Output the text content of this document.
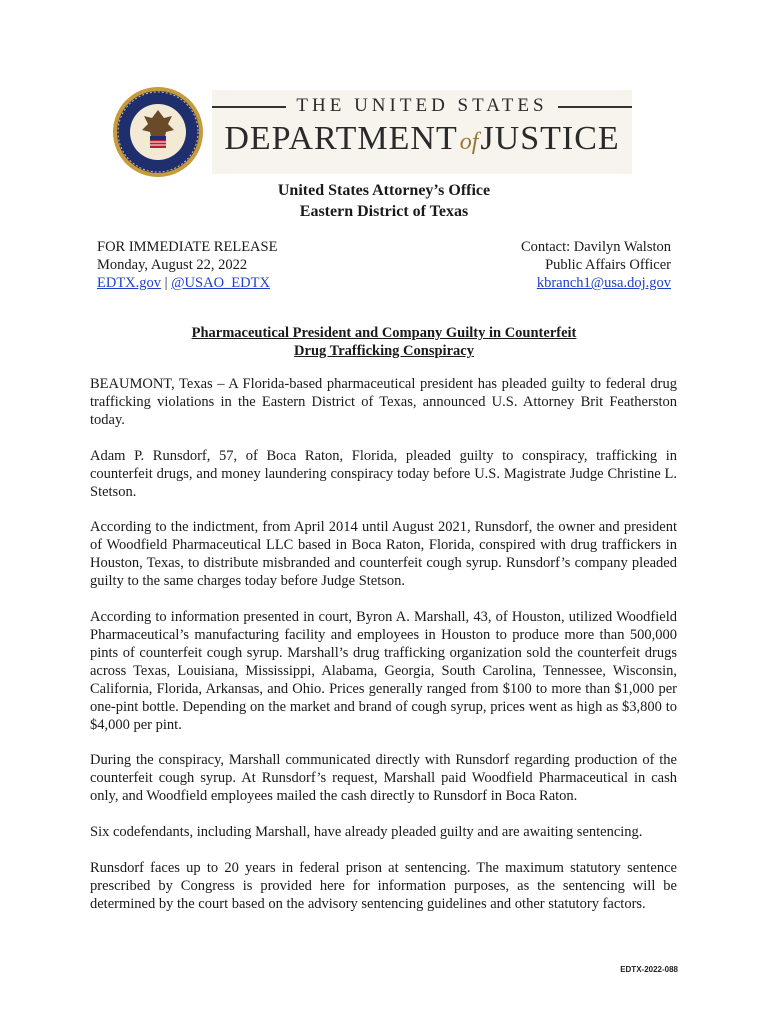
THE UNITED STATES
DEPARTMENTofJUSTICE
United States Attorney’s Office
Eastern District of Texas
FOR IMMEDIATE RELEASE
Monday, August 22, 2022
EDTX.gov | @USAO_EDTX
Contact: Davilyn Walston
Public Affairs Officer
kbranch1@usa.doj.gov
Pharmaceutical President and Company Guilty in Counterfeit
Drug Trafficking Conspiracy

BEAUMONT, Texas – A Florida-based pharmaceutical president has pleaded guilty to federal drug trafficking violations in the Eastern District of Texas, announced U.S. Attorney Brit Featherston today.

Adam P. Runsdorf, 57, of Boca Raton, Florida, pleaded guilty to conspiracy, trafficking in counterfeit drugs, and money laundering conspiracy today before U.S. Magistrate Judge Christine L. Stetson.

According to the indictment, from April 2014 until August 2021, Runsdorf, the owner and president of Woodfield Pharmaceutical LLC based in Boca Raton, Florida, conspired with drug traffickers in Houston, Texas, to distribute misbranded and counterfeit cough syrup. Runsdorf’s company pleaded guilty to the same charges today before Judge Stetson.

According to information presented in court, Byron A. Marshall, 43, of Houston, utilized Woodfield Pharmaceutical’s manufacturing facility and employees in Houston to produce more than 500,000 pints of counterfeit cough syrup. Marshall’s drug trafficking organization sold the counterfeit drugs across Texas, Louisiana, Mississippi, Alabama, Georgia, South Carolina, Tennessee, Wisconsin, California, Florida, Arkansas, and Ohio. Prices generally ranged from $100 to more than $1,000 per one-pint bottle. Depending on the market and brand of cough syrup, prices went as high as $3,800 to $4,000 per pint.

During the conspiracy, Marshall communicated directly with Runsdorf regarding production of the counterfeit cough syrup. At Runsdorf’s request, Marshall paid Woodfield Pharmaceutical in cash only, and Woodfield employees mailed the cash directly to Runsdorf in Boca Raton.

Six codefendants, including Marshall, have already pleaded guilty and are awaiting sentencing.

Runsdorf faces up to 20 years in federal prison at sentencing. The maximum statutory sentence prescribed by Congress is provided here for information purposes, as the sentencing will be determined by the court based on the advisory sentencing guidelines and other statutory factors.

EDTX-2022-088
